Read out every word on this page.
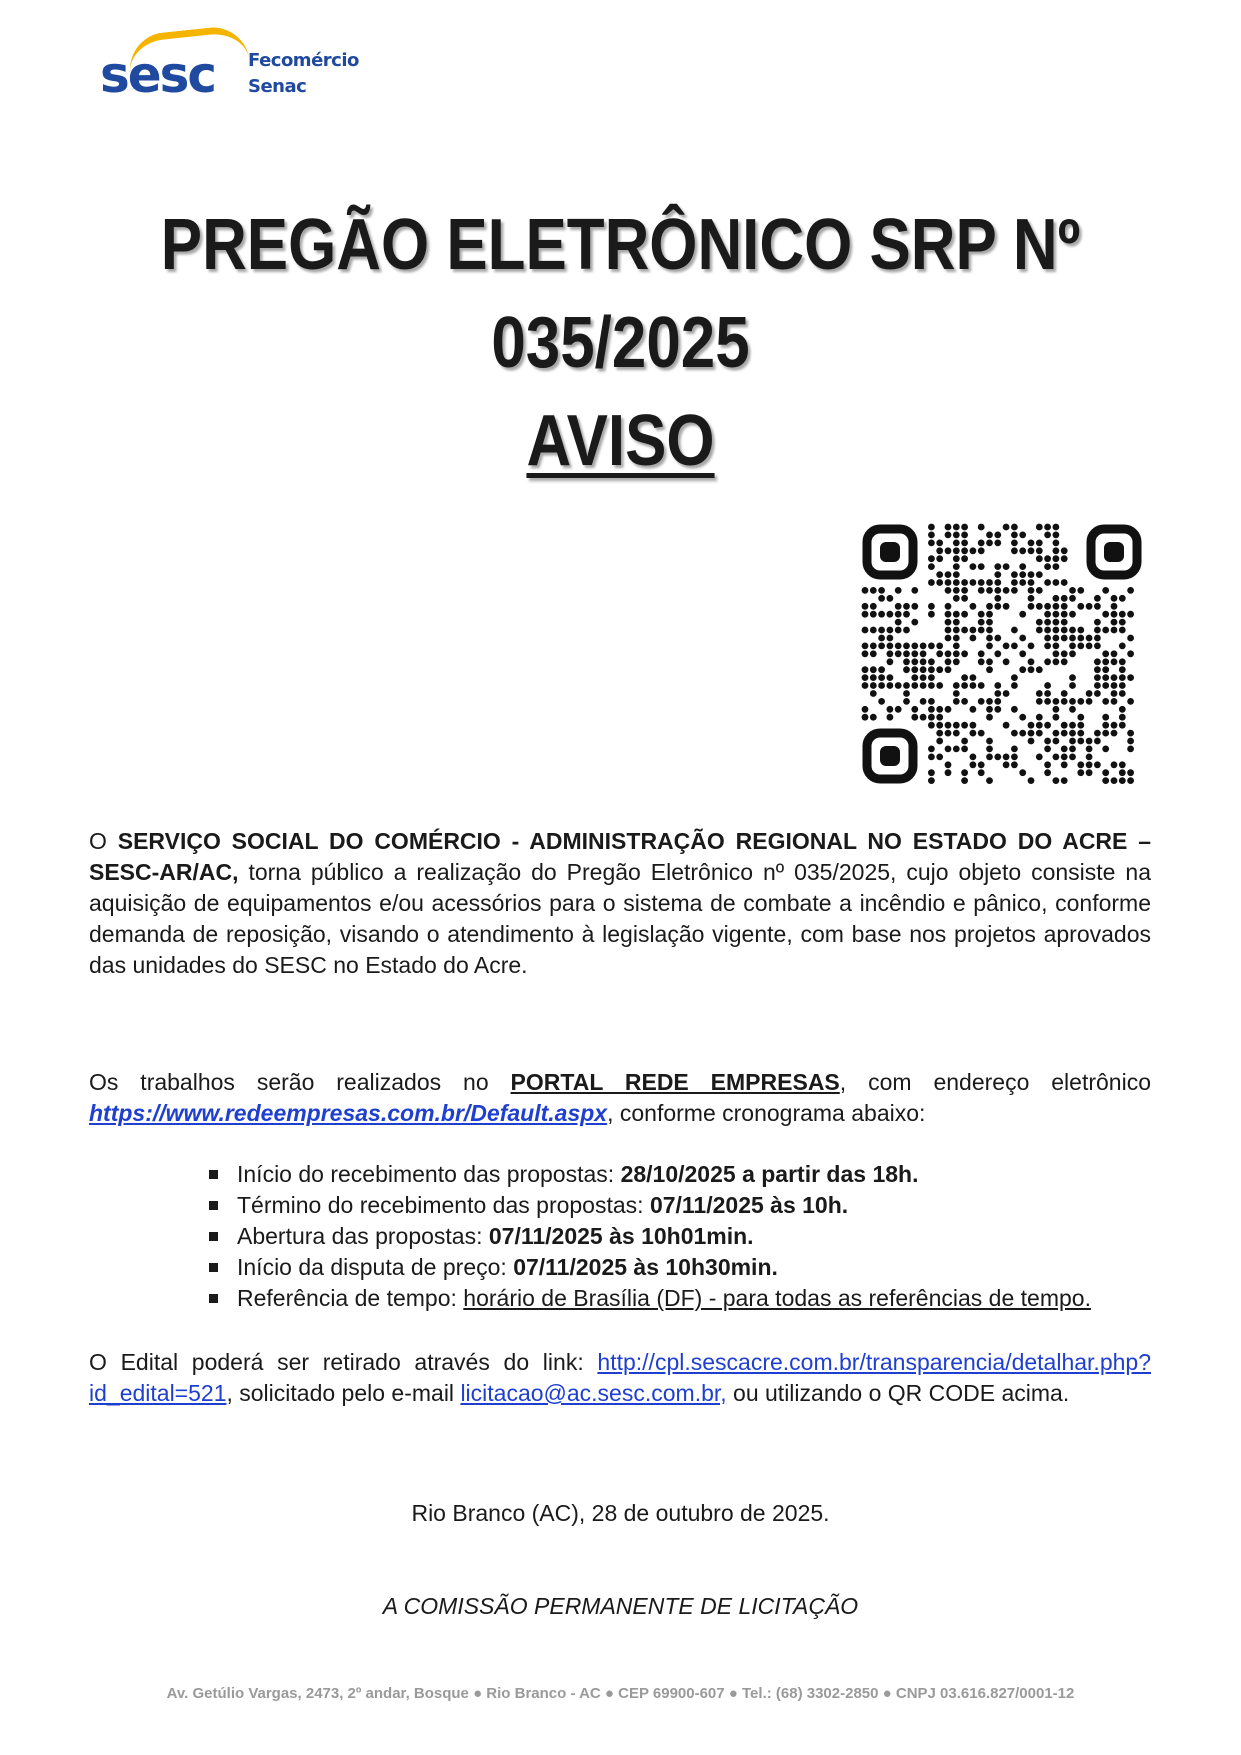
sesc Fecomércio
Senac
PREGÃO ELETRÔNICO SRP Nº
035/2025
AVISO
O SERVIÇO SOCIAL DO COMÉRCIO - ADMINISTRAÇÃO REGIONAL NO ESTADO DO ACRE – SESC-AR/AC, torna público a realização do Pregão Eletrônico nº 035/2025, cujo objeto consiste na aquisição de equipamentos e/ou acessórios para o sistema de combate a incêndio e pânico, conforme demanda de reposição, visando o atendimento à legislação vigente, com base nos projetos aprovados das unidades do SESC no Estado do Acre.
Os trabalhos serão realizados no PORTAL REDE EMPRESAS, com endereço eletrônico https://www.redeempresas.com.br/Default.aspx, conforme cronograma abaixo:
Início do recebimento das propostas: 28/10/2025 a partir das 18h.
Término do recebimento das propostas: 07/11/2025 às 10h.
Abertura das propostas: 07/11/2025 às 10h01min.
Início da disputa de preço: 07/11/2025 às 10h30min.
Referência de tempo: horário de Brasília (DF) - para todas as referências de tempo.
O Edital poderá ser retirado através do link: http://cpl.sescacre.com.br/transparencia/detalhar.php?id_edital=521, solicitado pelo e-mail licitacao@ac.sesc.com.br, ou utilizando o QR CODE acima.
Rio Branco (AC), 28 de outubro de 2025.
A COMISSÃO PERMANENTE DE LICITAÇÃO
Av. Getúlio Vargas, 2473, 2º andar, Bosque ● Rio Branco - AC ● CEP 69900-607 ● Tel.: (68) 3302-2850 ● CNPJ 03.616.827/0001-12
